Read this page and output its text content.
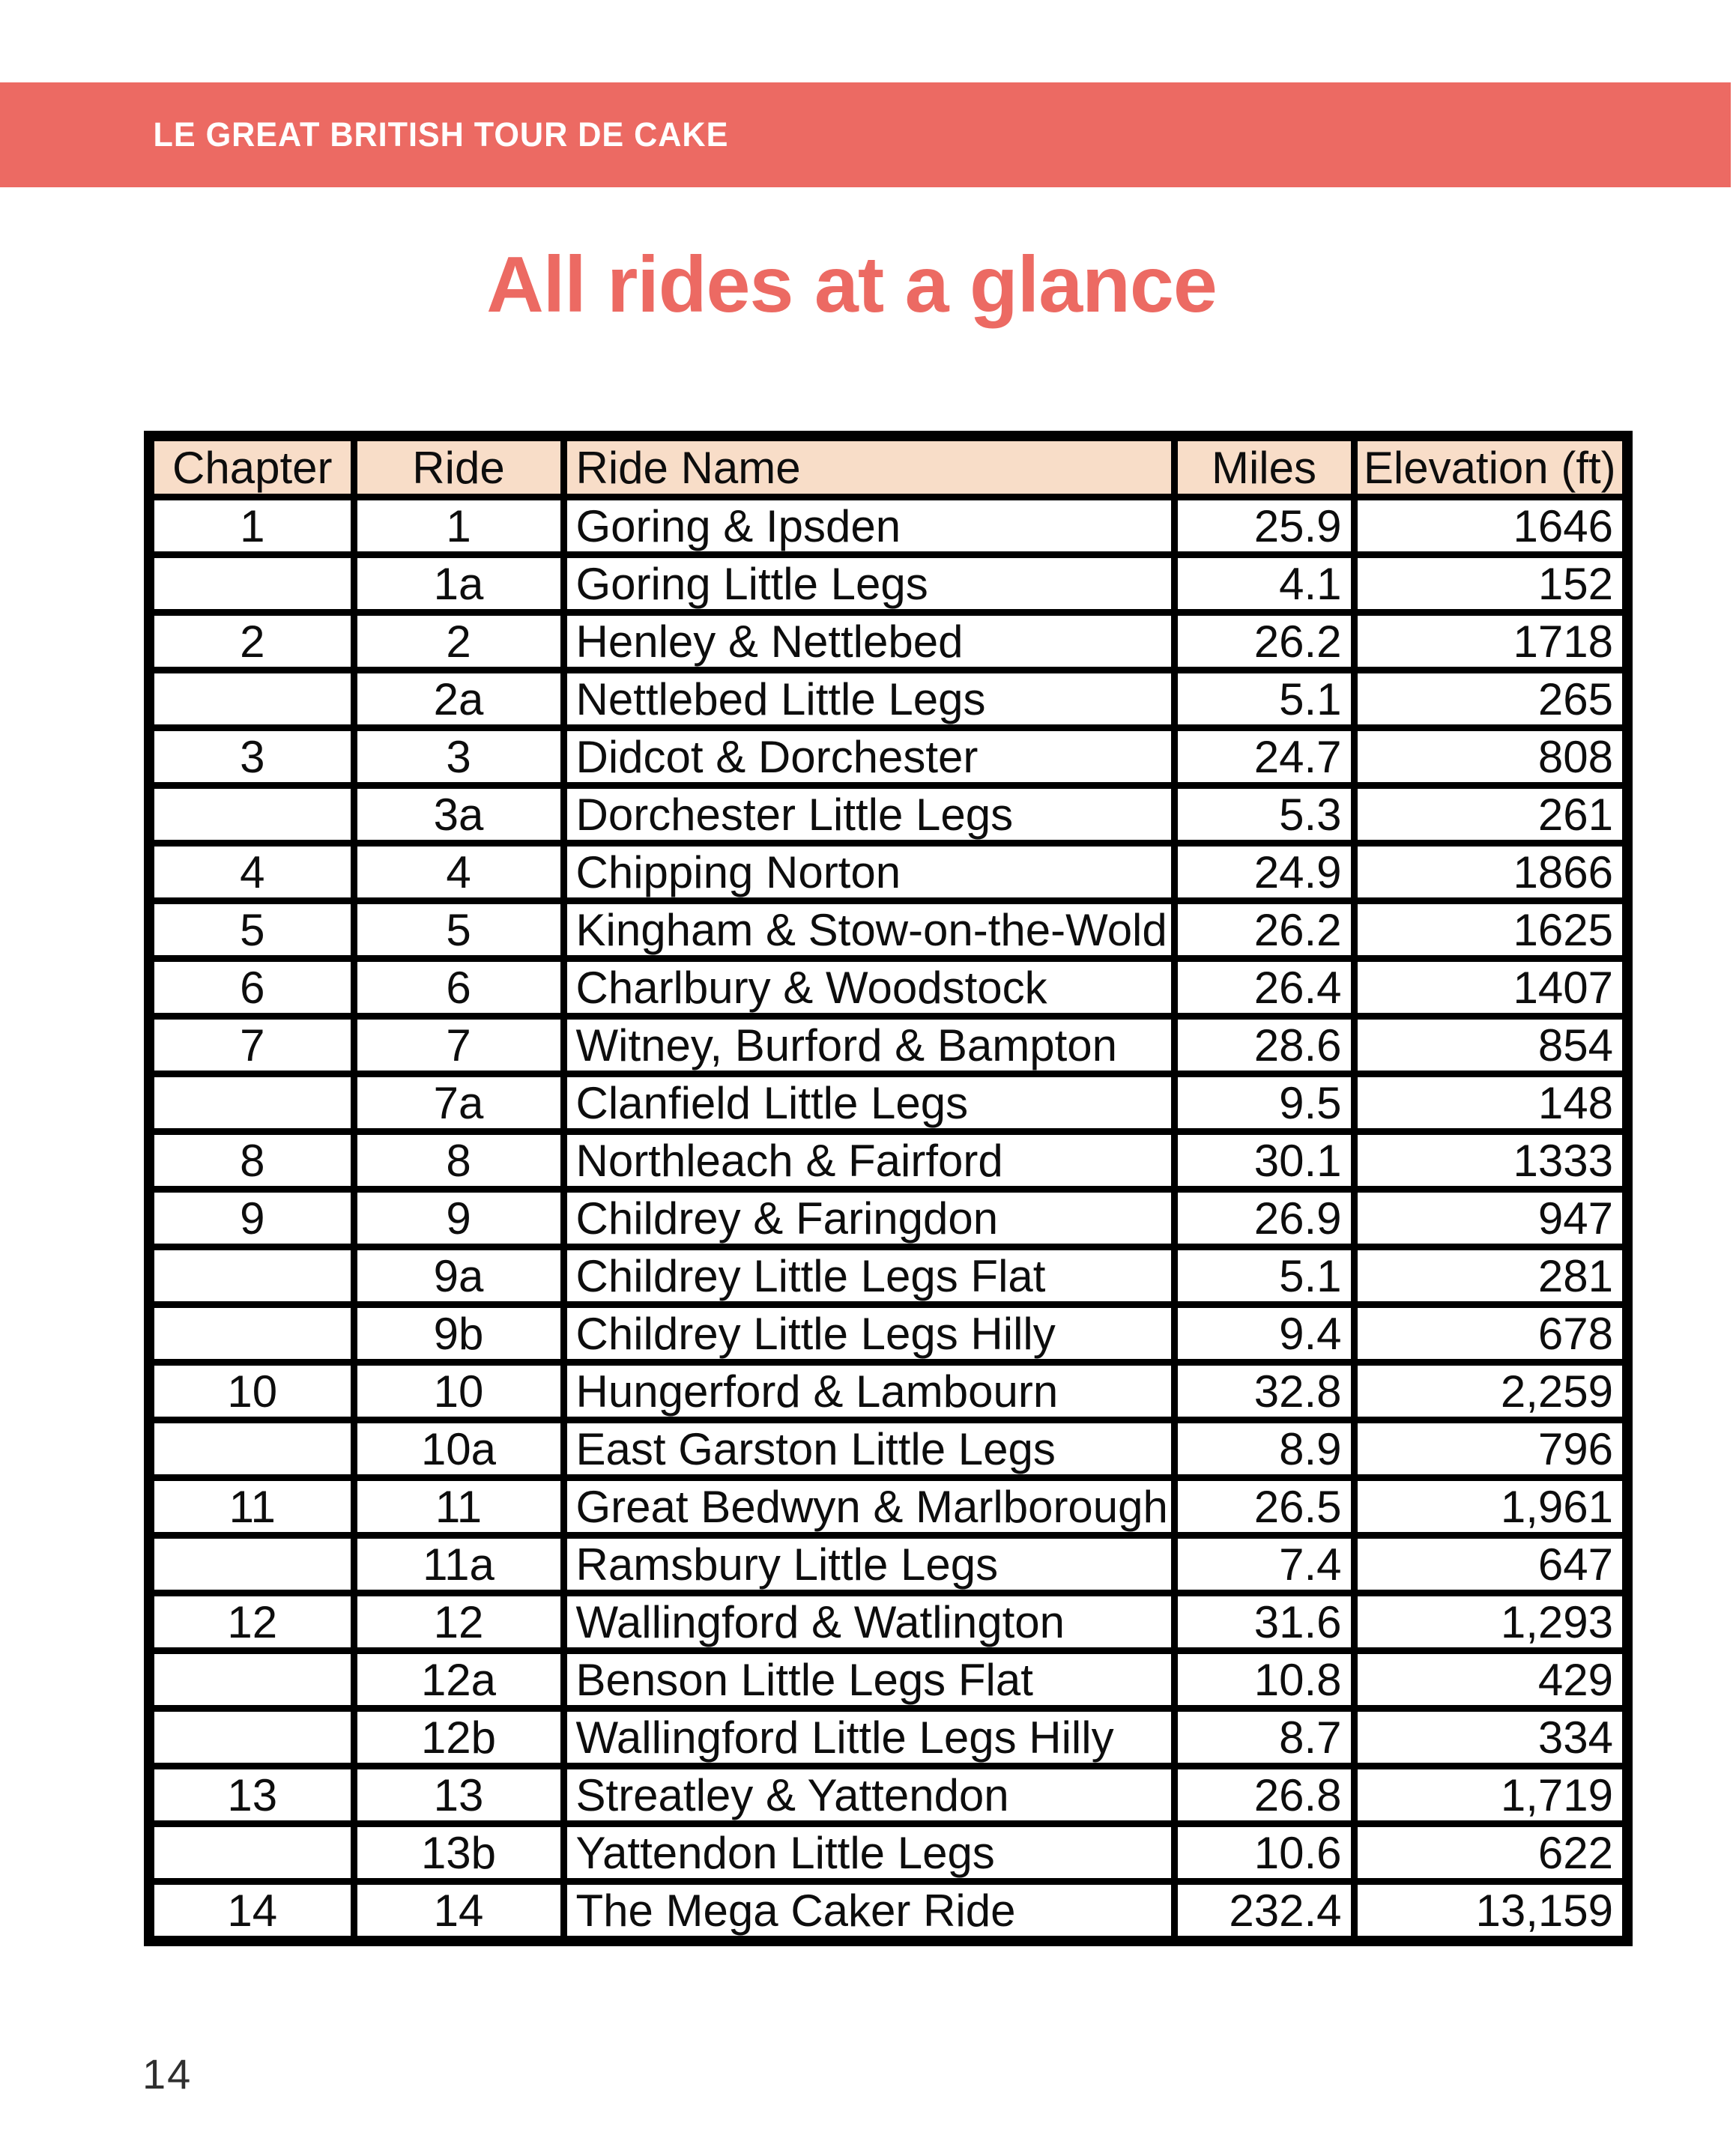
LE GREAT BRITISH TOUR DE CAKE
All rides at a glance
Chapter	Ride	Ride Name	Miles	Elevation (ft)
1	1	Goring & Ipsden	25.9	1646
	1a	Goring Little Legs	4.1	152
2	2	Henley & Nettlebed	26.2	1718
	2a	Nettlebed Little Legs	5.1	265
3	3	Didcot & Dorchester	24.7	808
	3a	Dorchester Little Legs	5.3	261
4	4	Chipping Norton	24.9	1866
5	5	Kingham & Stow-on-the-Wold	26.2	1625
6	6	Charlbury & Woodstock	26.4	1407
7	7	Witney, Burford & Bampton	28.6	854
	7a	Clanfield Little Legs	9.5	148
8	8	Northleach & Fairford	30.1	1333
9	9	Childrey & Faringdon	26.9	947
	9a	Childrey Little Legs Flat	5.1	281
	9b	Childrey Little Legs Hilly	9.4	678
10	10	Hungerford & Lambourn	32.8	2,259
	10a	East Garston Little Legs	8.9	796
11	11	Great Bedwyn & Marlborough	26.5	1,961
	11a	Ramsbury Little Legs	7.4	647
12	12	Wallingford & Watlington	31.6	1,293
	12a	Benson Little Legs Flat	10.8	429
	12b	Wallingford Little Legs Hilly	8.7	334
13	13	Streatley & Yattendon	26.8	1,719
	13b	Yattendon Little Legs	10.6	622
14	14	The Mega Caker Ride	232.4	13,159
14
